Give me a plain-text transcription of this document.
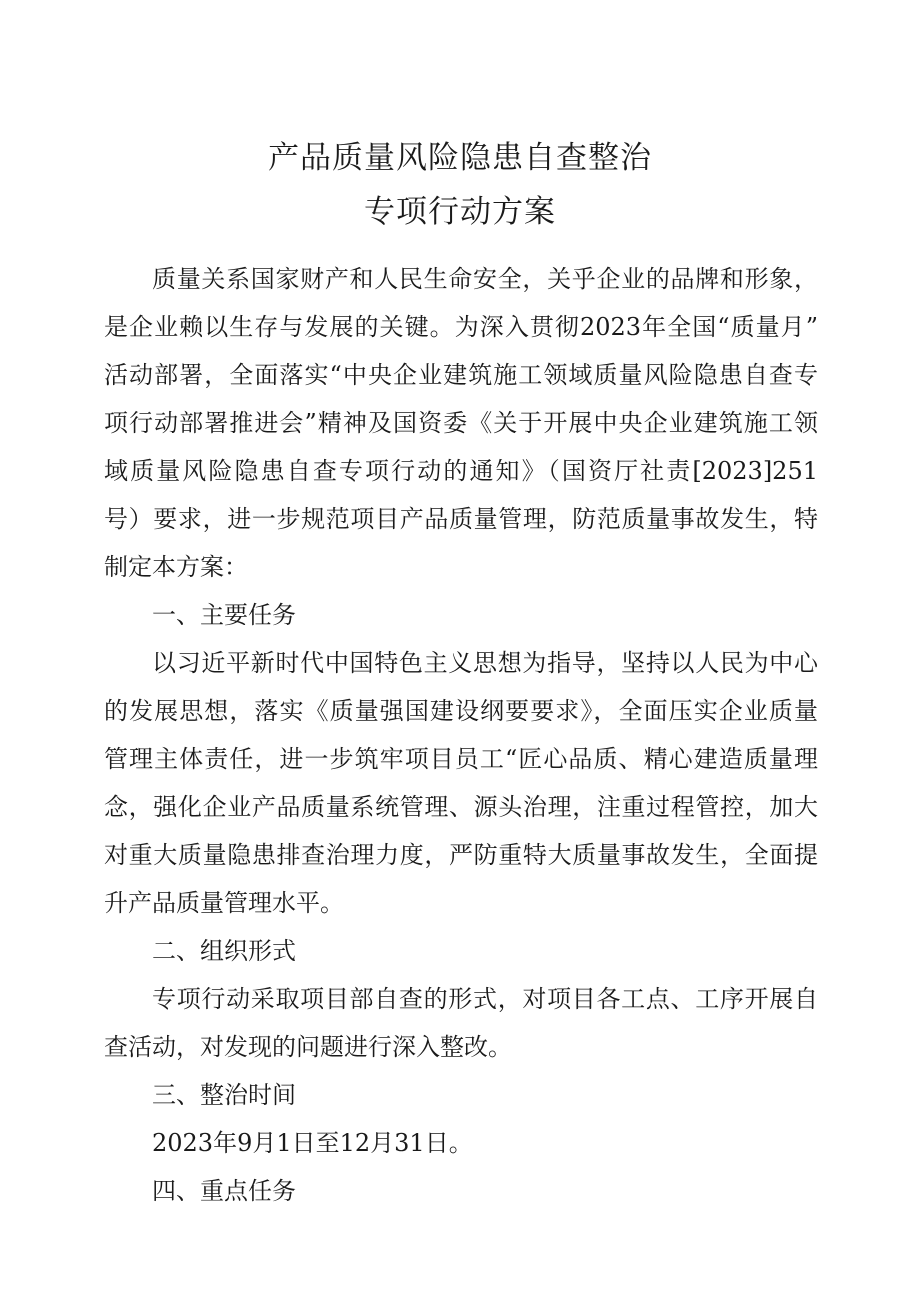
产品质量风险隐患自查整治
专项行动方案
质量关系国家财产和人民生命安全，关乎企业的品牌和形象，
是企业赖以生存与发展的关键。为深入贯彻2023年全国“质量月”
活动部署，全面落实“中央企业建筑施工领域质量风险隐患自查专
项行动部署推进会”精神及国资委《关于开展中央企业建筑施工领
域质量风险隐患自查专项行动的通知》（国资厅社责[2023]251
号）要求，进一步规范项目产品质量管理，防范质量事故发生，特
制定本方案：
一、主要任务
以习近平新时代中国特色主义思想为指导，坚持以人民为中心
的发展思想，落实《质量强国建设纲要要求》，全面压实企业质量
管理主体责任，进一步筑牢项目员工“匠心品质、精心建造质量理
念，强化企业产品质量系统管理、源头治理，注重过程管控，加大
对重大质量隐患排查治理力度，严防重特大质量事故发生，全面提
升产品质量管理水平。
二、组织形式
专项行动采取项目部自查的形式，对项目各工点、工序开展自
查活动，对发现的问题进行深入整改。
三、整治时间
2023年9月1日至12月31日。
四、重点任务
